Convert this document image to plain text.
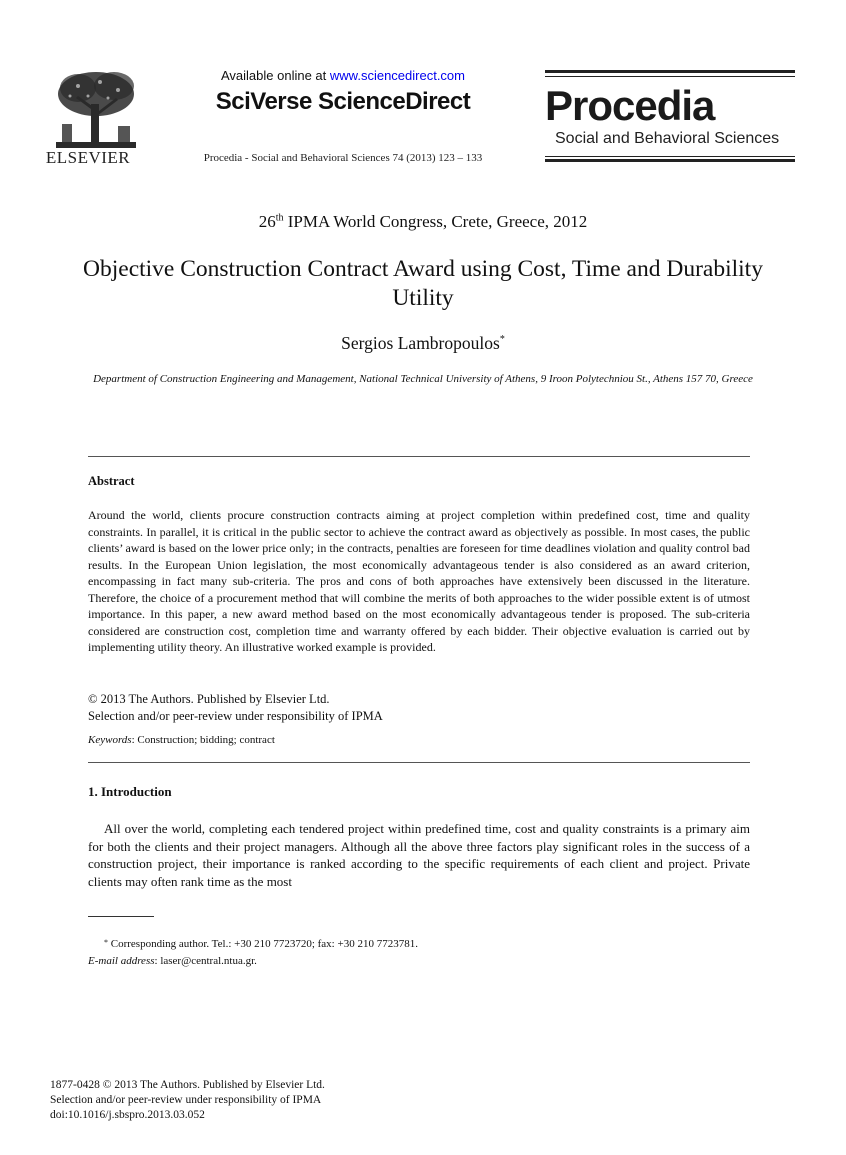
ELSEVIER
Available online at www.sciencedirect.com
SciVerse ScienceDirect
Procedia - Social and Behavioral Sciences 74 (2013) 123 – 133
Procedia
Social and Behavioral Sciences
26th IPMA World Congress, Crete, Greece, 2012
Objective Construction Contract Award using Cost, Time and Durability Utility
Sergios Lambropoulos*
Department of Construction Engineering and Management, National Technical University of Athens, 9 Iroon Polytechniou St., Athens 157 70, Greece
Abstract
Around the world, clients procure construction contracts aiming at project completion within predefined cost, time and quality constraints. In parallel, it is critical in the public sector to achieve the contract award as objectively as possible. In most cases, the public clients’ award is based on the lower price only; in the contracts, penalties are foreseen for time deadlines violation and quality control bad results. In the European Union legislation, the most economically advantageous tender is also considered as an award criterion, encompassing in fact many sub-criteria. The pros and cons of both approaches have extensively been discussed in the literature. Therefore, the choice of a procurement method that will combine the merits of both approaches to the wider possible extent is of utmost importance. In this paper, a new award method based on the most economically advantageous tender is proposed. The sub-criteria considered are construction cost, completion time and warranty offered by each bidder. Their objective evaluation is carried out by implementing utility theory. An illustrative worked example is provided.
© 2013 The Authors. Published by Elsevier Ltd.
Selection and/or peer-review under responsibility of IPMA
Keywords: Construction; bidding; contract
1. Introduction
All over the world, completing each tendered project within predefined time, cost and quality constraints is a primary aim for both the clients and their project managers. Although all the above three factors play significant roles in the success of a construction project, their importance is ranked according to the specific requirements of each client and project. Private clients may often rank time as the most
* Corresponding author. Tel.: +30 210 7723720; fax: +30 210 7723781.
E-mail address: laser@central.ntua.gr.
1877-0428 © 2013 The Authors. Published by Elsevier Ltd.
Selection and/or peer-review under responsibility of IPMA
doi:10.1016/j.sbspro.2013.03.052
